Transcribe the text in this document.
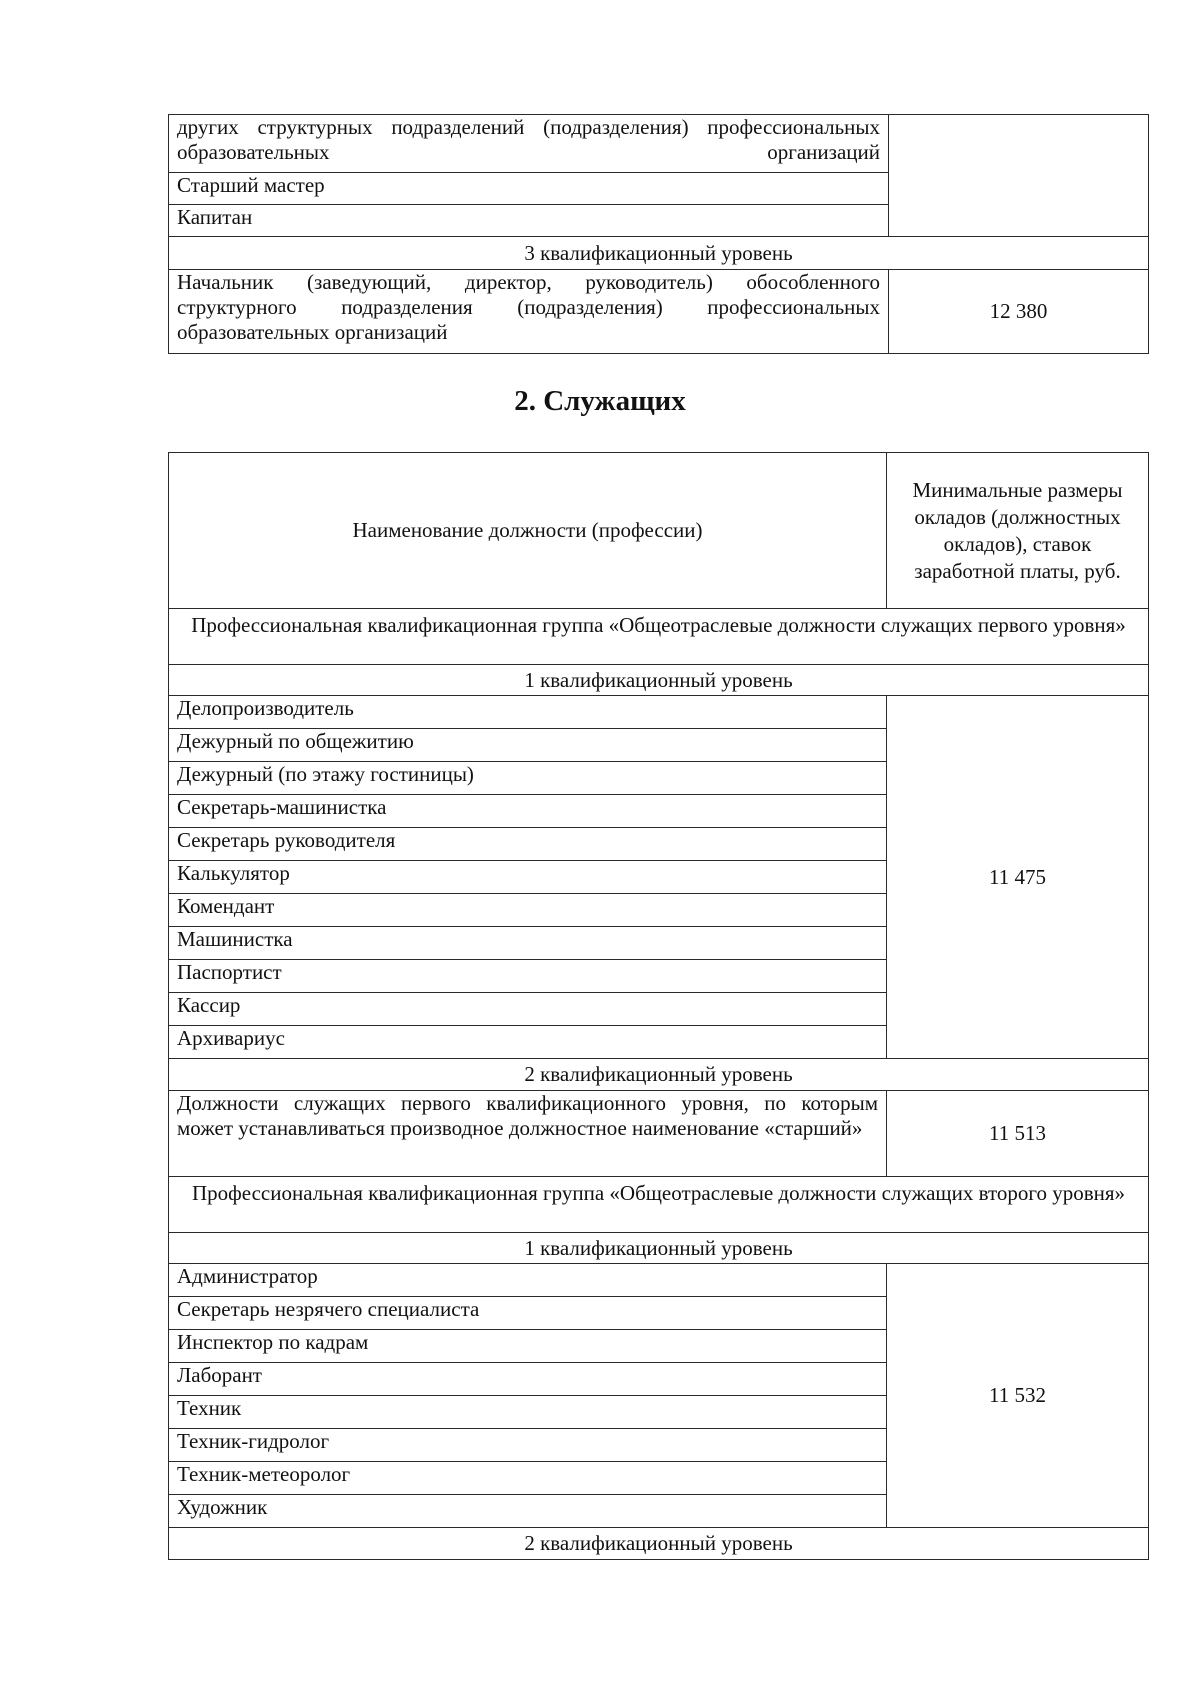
других структурных подразделений (подразделения) профессиональных образовательных организаций	
Старший мастер	
Капитан	
3 квалификационный уровень	
Начальник (заведующий, директор, руководитель) обособленного структурного подразделения (подразделения) профессиональных образовательных организаций	12 380
2. Служащих
Наименование должности (профессии)	Минимальные размеры окладов (должностных окладов), ставок заработной платы, руб.
Профессиональная квалификационная группа «Общеотраслевые должности служащих первого уровня»	
1 квалификационный уровень	
Делопроизводитель	11 475
Дежурный по общежитию	
Дежурный (по этажу гостиницы)	
Секретарь-машинистка	
Секретарь руководителя	
Калькулятор	
Комендант	
Машинистка	
Паспортист	
Кассир	
Архивариус	
2 квалификационный уровень	
Должности служащих первого квалификационного уровня, по которым может устанавливаться производное должностное наименование «старший»	11 513
Профессиональная квалификационная группа «Общеотраслевые должности служащих второго уровня»	
1 квалификационный уровень	
Администратор	11 532
Секретарь незрячего специалиста	
Инспектор по кадрам	
Лаборант	
Техник	
Техник-гидролог	
Техник-метеоролог	
Художник	
2 квалификационный уровень	
